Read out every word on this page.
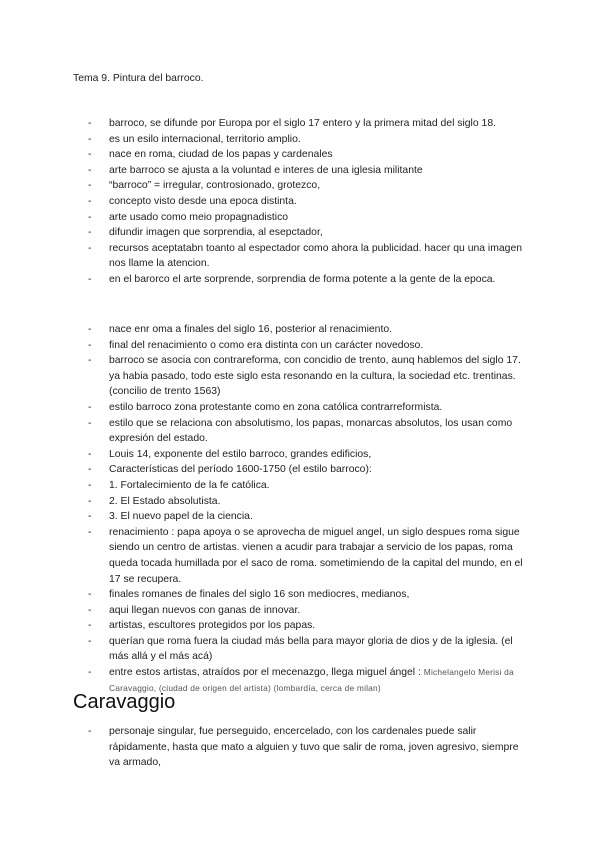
Tema 9. Pintura del barroco.
- barroco, se difunde por Europa por el siglo 17 entero y la primera mitad del siglo 18.
- es un esilo internacional, territorio amplio.
- nace en roma, ciudad de los papas y cardenales
- arte barroco se ajusta a la voluntad e interes de una iglesia militante
- “barroco” = irregular, controsionado, grotezco,
- concepto visto desde una epoca distinta.
- arte usado como meio propagnadistico
- difundir imagen que sorprendia, al esepctador,
- recursos aceptatabn toanto al espectador como ahora la publicidad. hacer qu una imagen nos llame la atencion.
- en el barorco el arte sorprende, sorprendia de forma potente a la gente de la epoca.
- nace enr oma a finales del siglo 16, posterior al renacimiento.
- final del renacimiento o como era distinta con un carácter novedoso.
- barroco se asocia con contrareforma, con concidio de trento, aunq hablemos del siglo 17. ya habia pasado, todo este siglo esta resonando en la cultura, la sociedad etc. trentinas. (concilio de trento 1563)
- estilo barroco zona protestante como en zona católica contrarreformista.
- estilo que se relaciona con absolutismo, los papas, monarcas absolutos, los usan como expresión del estado.
- Louis 14, exponente del estilo barroco, grandes edificios,
- Características del período 1600-1750 (el estilo barroco):
- 1. Fortalecimiento de la fe católica.
- 2. El Estado absolutista.
- 3. El nuevo papel de la ciencia.
- renacimiento : papa apoya o se aprovecha de miguel angel, un siglo despues roma sigue siendo un centro de artistas. vienen a acudir para trabajar a servicio de los papas, roma queda tocada humillada por el saco de roma. sometimiendo de la capital del mundo, en el 17 se recupera.
- finales romanes de finales del siglo 16 son mediocres, medianos,
- aqui llegan nuevos con ganas de innovar.
- artistas, escultores protegidos por los papas.
- querían que roma fuera la ciudad más bella para mayor gloria de dios y de la iglesia. (el más allá y el más acá)
- entre estos artistas, atraídos por el mecenazgo, llega miguel ángel : Michelangelo Merisi da Caravaggio, (ciudad de origen del artista) (lombardía, cerca de milan)
Caravaggio
- personaje singular, fue perseguido, encercelado, con los cardenales puede salir rápidamente, hasta que mato a alguien y tuvo que salir de roma, joven agresivo, siempre va armado,
